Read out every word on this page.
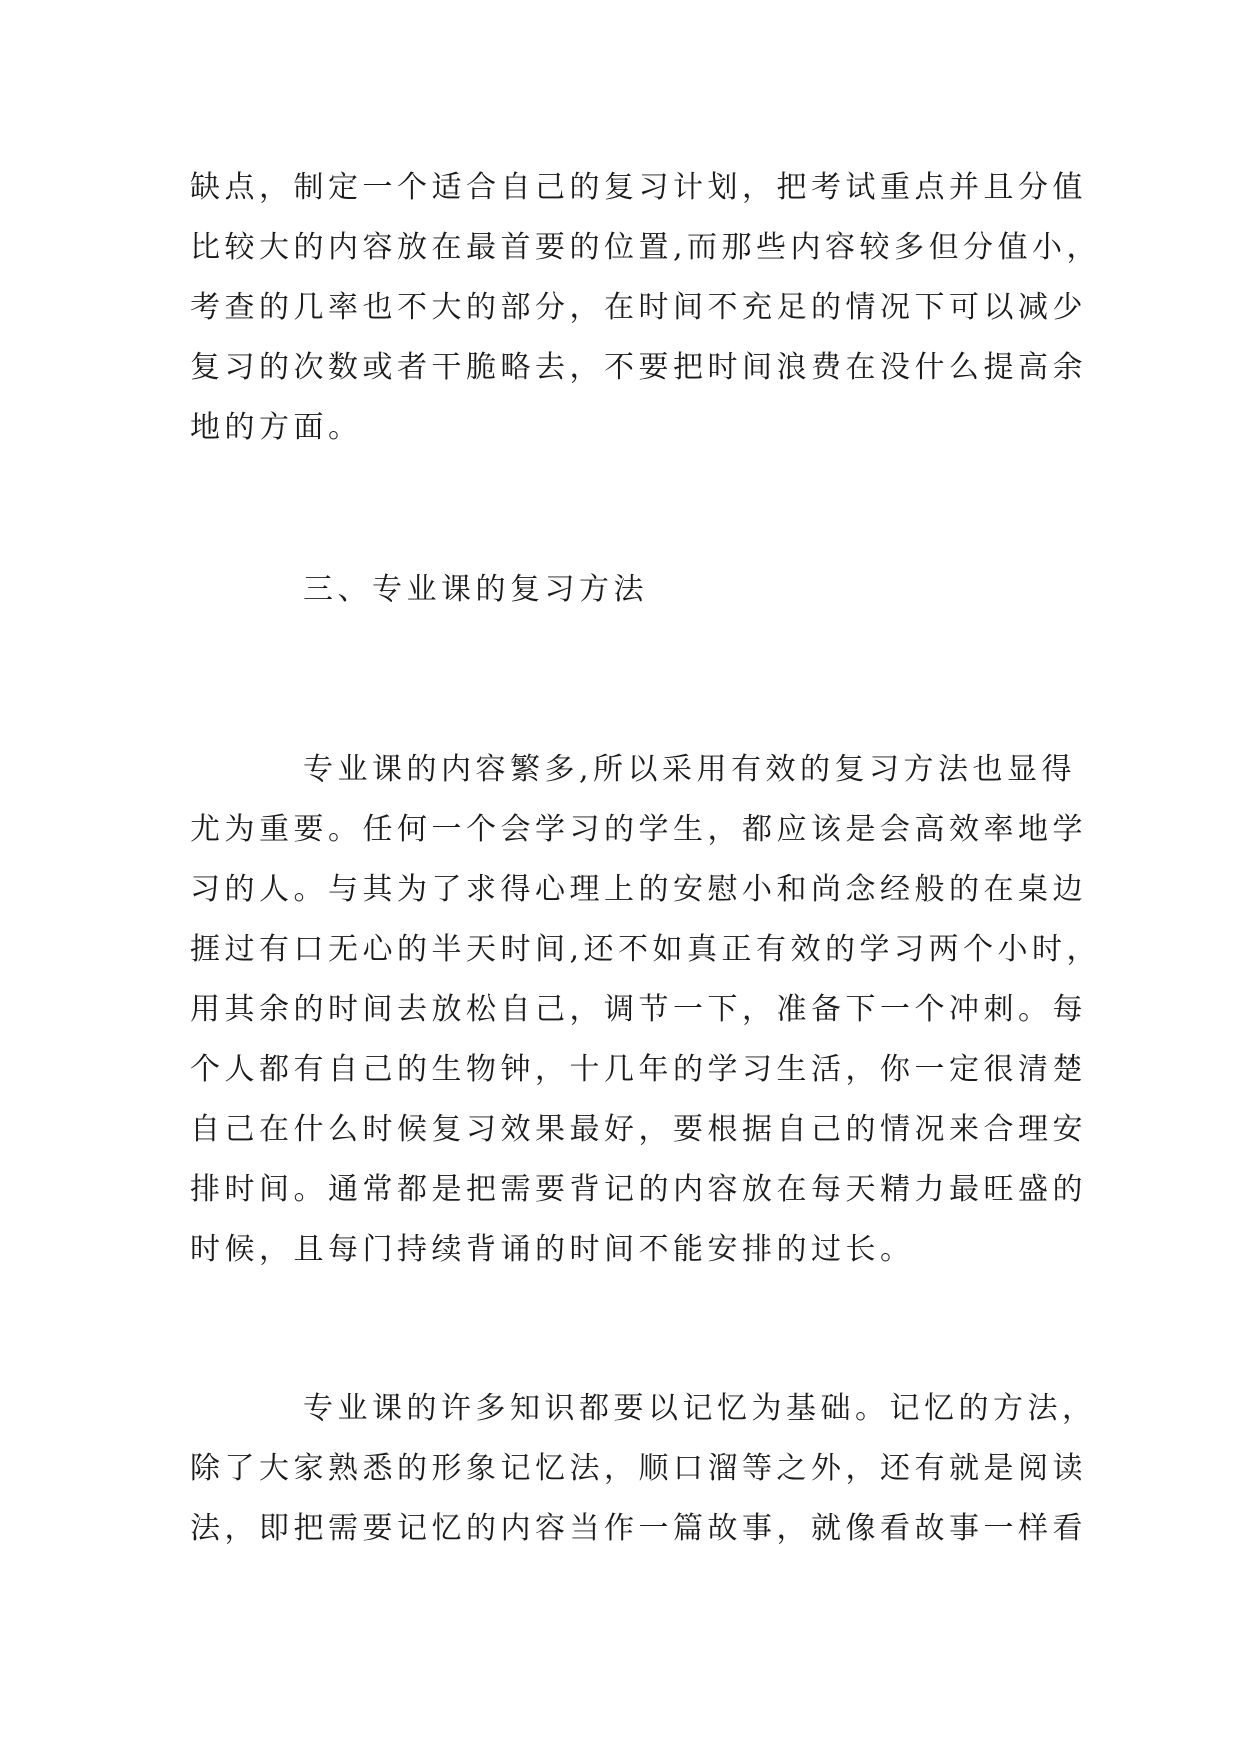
缺点，制定一个适合自己的复习计划，把考试重点并且分值
比较大的内容放在最首要的位置,而那些内容较多但分值小，
考查的几率也不大的部分，在时间不充足的情况下可以减少
复习的次数或者干脆略去，不要把时间浪费在没什么提高余
地的方面。
三、专业课的复习方法
专业课的内容繁多,所以采用有效的复习方法也显得
尤为重要。任何一个会学习的学生，都应该是会高效率地学
习的人。与其为了求得心理上的安慰小和尚念经般的在桌边
捱过有口无心的半天时间,还不如真正有效的学习两个小时，
用其余的时间去放松自己，调节一下，准备下一个冲刺。每
个人都有自己的生物钟，十几年的学习生活，你一定很清楚
自己在什么时候复习效果最好，要根据自己的情况来合理安
排时间。通常都是把需要背记的内容放在每天精力最旺盛的
时候，且每门持续背诵的时间不能安排的过长。
专业课的许多知识都要以记忆为基础。记忆的方法，
除了大家熟悉的形象记忆法，顺口溜等之外，还有就是阅读
法，即把需要记忆的内容当作一篇故事，就像看故事一样看
